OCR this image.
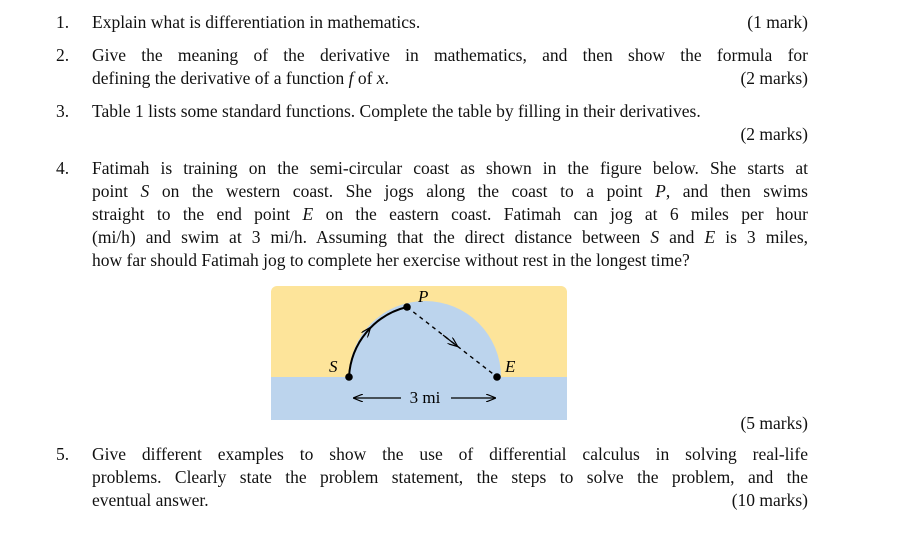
1. Explain what is differentiation in mathematics.	(1 mark)
2. Give the meaning of the derivative in mathematics, and then show the formula for
defining the derivative of a function f of x.	(2 marks)
3. Table 1 lists some standard functions. Complete the table by filling in their derivatives.
(2 marks)
4. Fatimah is training on the semi-circular coast as shown in the figure below. She starts at
point S on the western coast. She jogs along the coast to a point P, and then swims
straight to the end point E on the eastern coast. Fatimah can jog at 6 miles per hour
(mi/h) and swim at 3 mi/h. Assuming that the direct distance between S and E is 3 miles,
how far should Fatimah jog to complete her exercise without rest in the longest time?
P
S	E
3 mi
(5 marks)
5. Give different examples to show the use of differential calculus in solving real-life
problems. Clearly state the problem statement, the steps to solve the problem, and the
eventual answer.	(10 marks)
